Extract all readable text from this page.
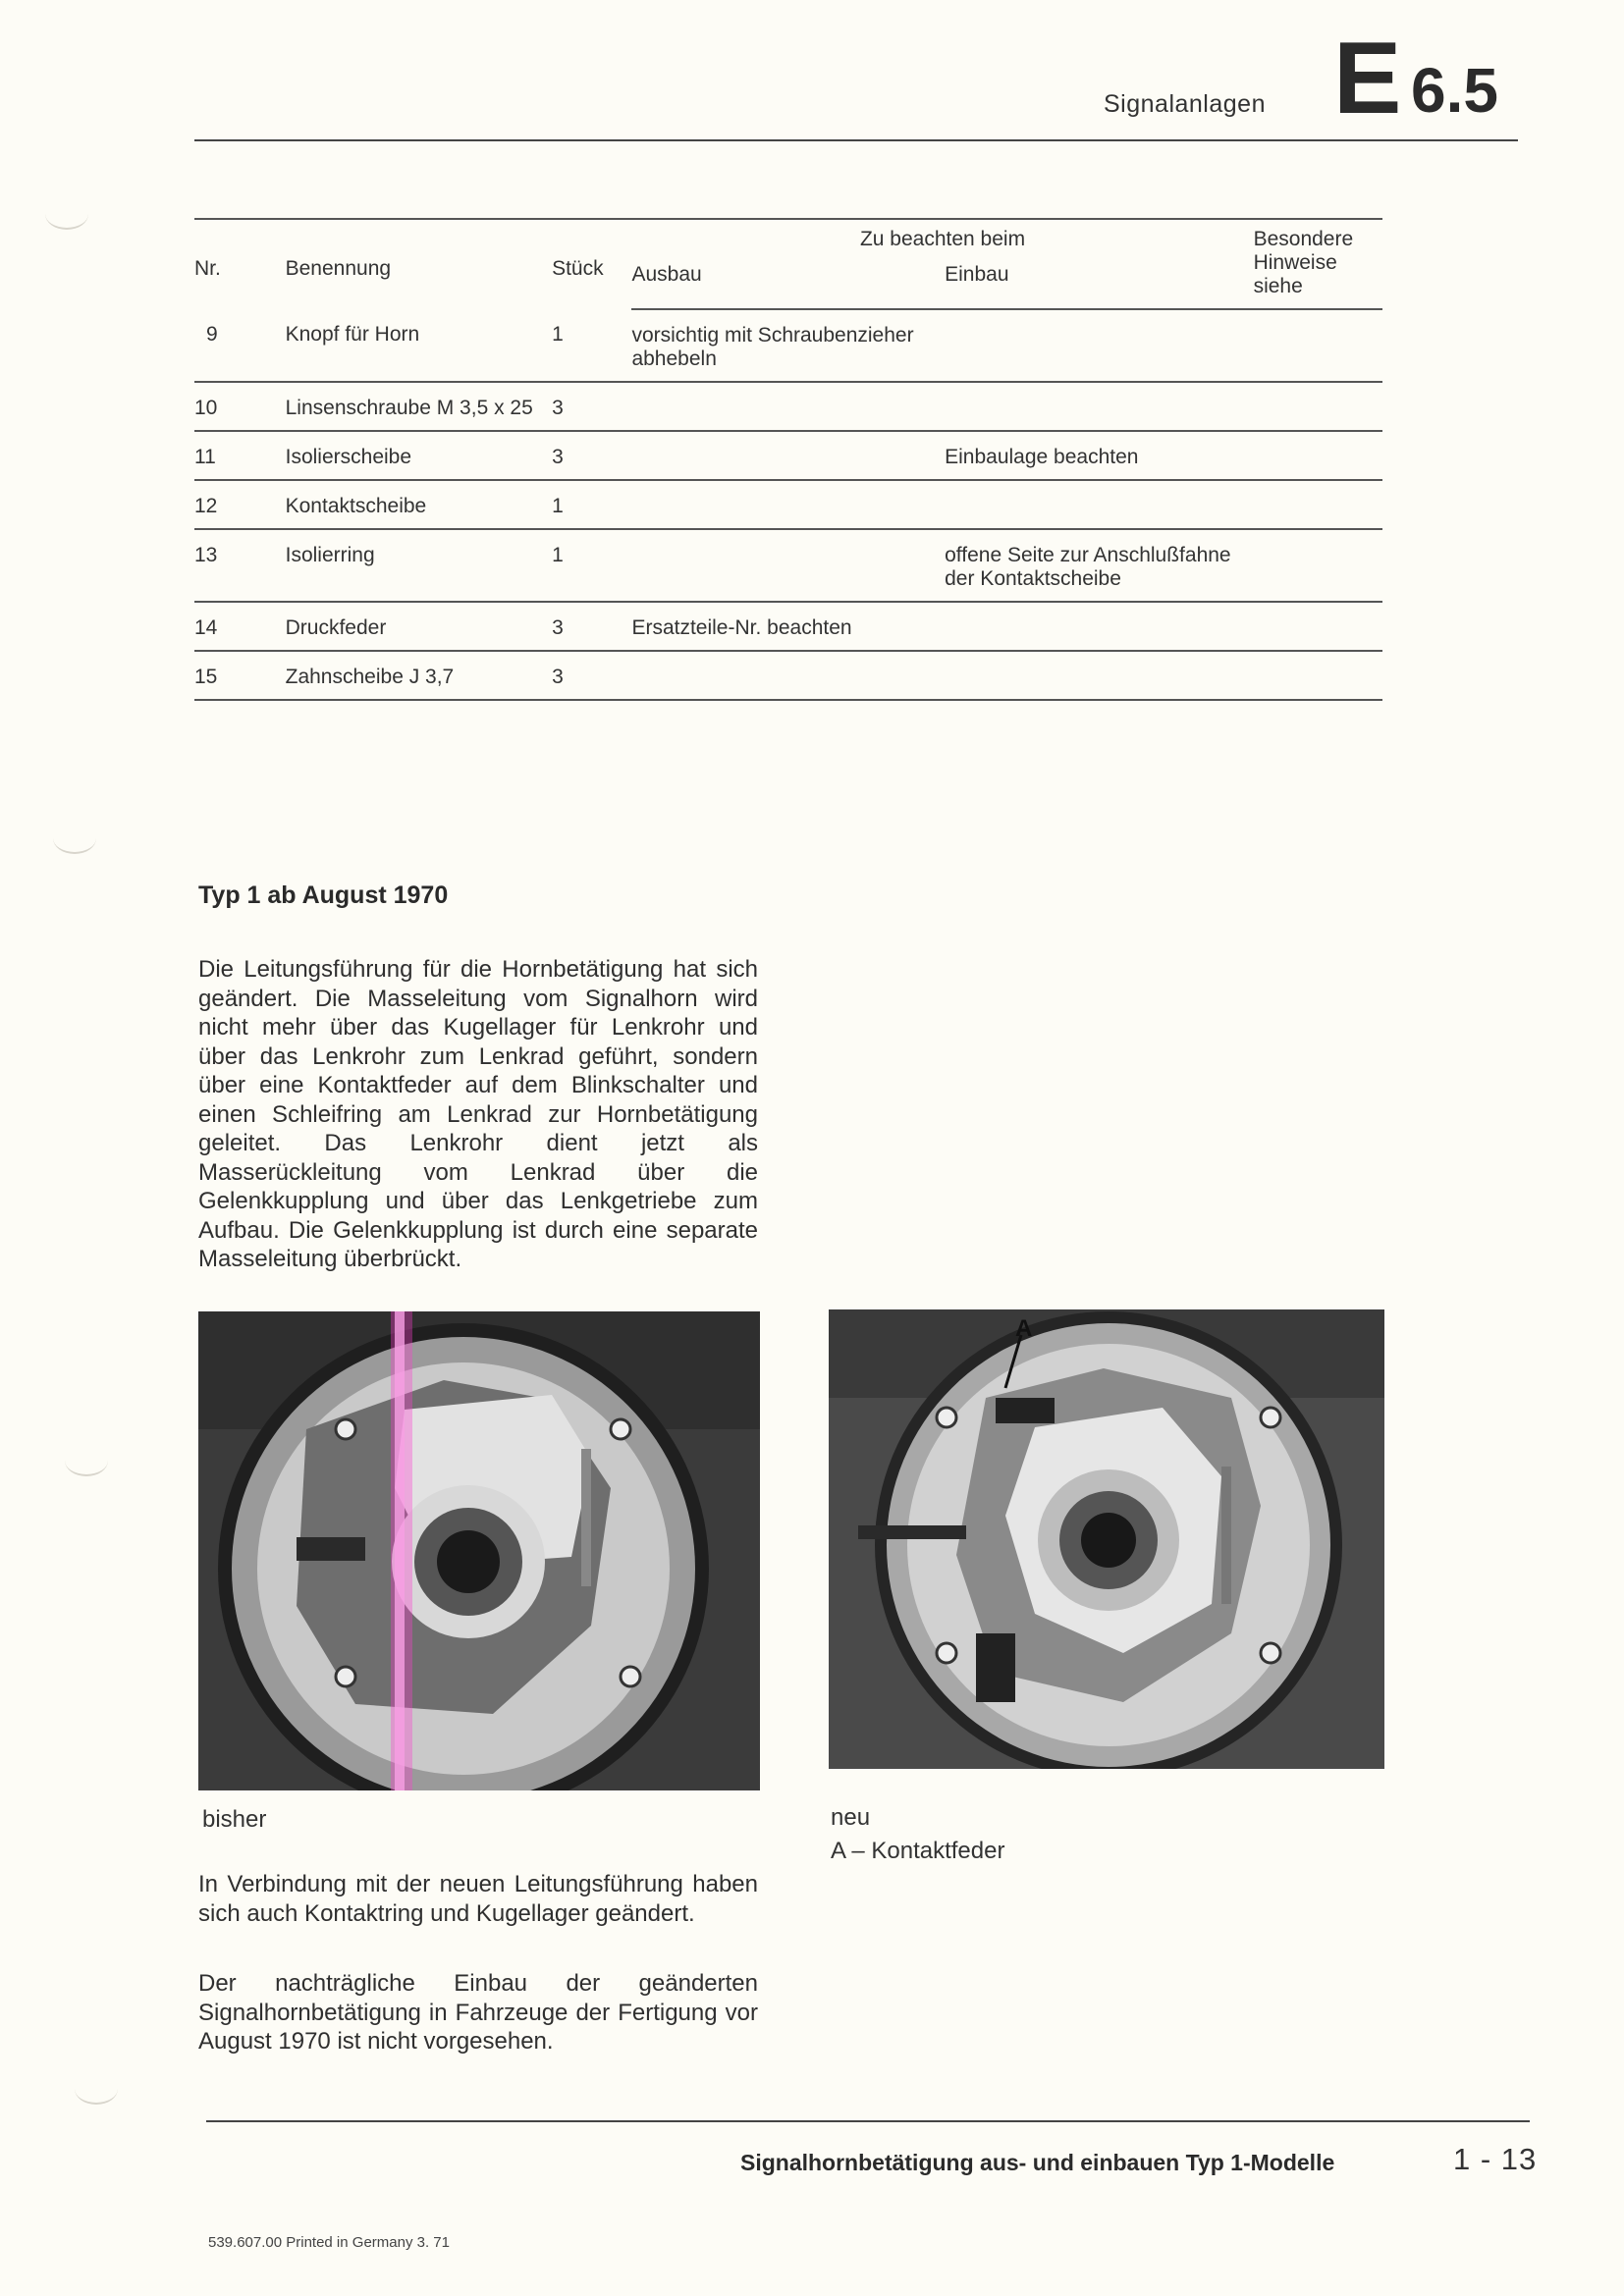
Signalanlagen E 6.5
Nr.	Benennung	Stück	Zu beachten beim		Besondere Hinweise siehe
			Ausbau	Einbau	
9	Knopf für Horn	1	vorsichtig mit Schraubenzieher abhebeln		
10	Linsenschraube M 3,5 x 25	3			
11	Isolierscheibe	3		Einbaulage beachten	
12	Kontaktscheibe	1			
13	Isolierring	1		offene Seite zur Anschlußfahne der Kontaktscheibe	
14	Druckfeder	3	Ersatzteile-Nr. beachten		
15	Zahnscheibe J 3,7	3			
Typ 1 ab August 1970
Die Leitungsführung für die Hornbetätigung hat sich geändert. Die Masseleitung vom Signalhorn wird nicht mehr über das Kugellager für Lenkrohr und über das Lenkrohr zum Lenkrad geführt, sondern über eine Kontaktfeder auf dem Blinkschalter und einen Schleifring am Lenkrad zur Hornbetätigung geleitet. Das Lenkrohr dient jetzt als Masserückleitung vom Lenkrad über die Gelenkkupplung und über das Lenkgetriebe zum Aufbau. Die Gelenkkupplung ist durch eine separate Masseleitung überbrückt.
A
bisher	neu
A – Kontaktfeder
In Verbindung mit der neuen Leitungsführung haben sich auch Kontaktring und Kugellager geändert.
Der nachträgliche Einbau der geänderten Signalhornbetätigung in Fahrzeuge der Fertigung vor August 1970 ist nicht vorgesehen.
Signalhornbetätigung aus- und einbauen Typ 1-Modelle	1 - 13
539.607.00 Printed in Germany 3. 71
